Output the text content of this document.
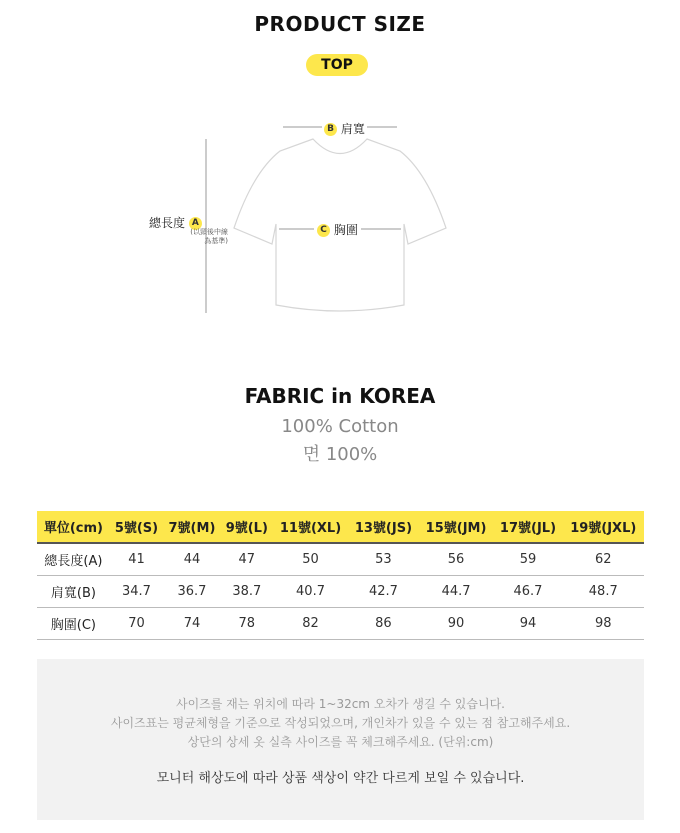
PRODUCT SIZE
TOP
B 肩寬
總長度 A
(以頸後中線
為基準)
C 胸圍
FABRIC in KOREA
100% Cotton
면 100%
單位(cm)	5號(S)	7號(M)	9號(L)	11號(XL)	13號(JS)	15號(JM)	17號(JL)	19號(JXL)
總長度(A)	41	44	47	50	53	56	59	62
肩寬(B)	34.7	36.7	38.7	40.7	42.7	44.7	46.7	48.7
胸圍(C)	70	74	78	82	86	90	94	98
사이즈를 재는 위치에 따라 1~32cm 오차가 생길 수 있습니다.
사이즈표는 평균체형을 기준으로 작성되었으며, 개인차가 있을 수 있는 점 참고해주세요.
상단의 상세 옷 실측 사이즈를 꼭 체크해주세요. (단위:cm)
모니터 해상도에 따라 상품 색상이 약간 다르게 보일 수 있습니다.
